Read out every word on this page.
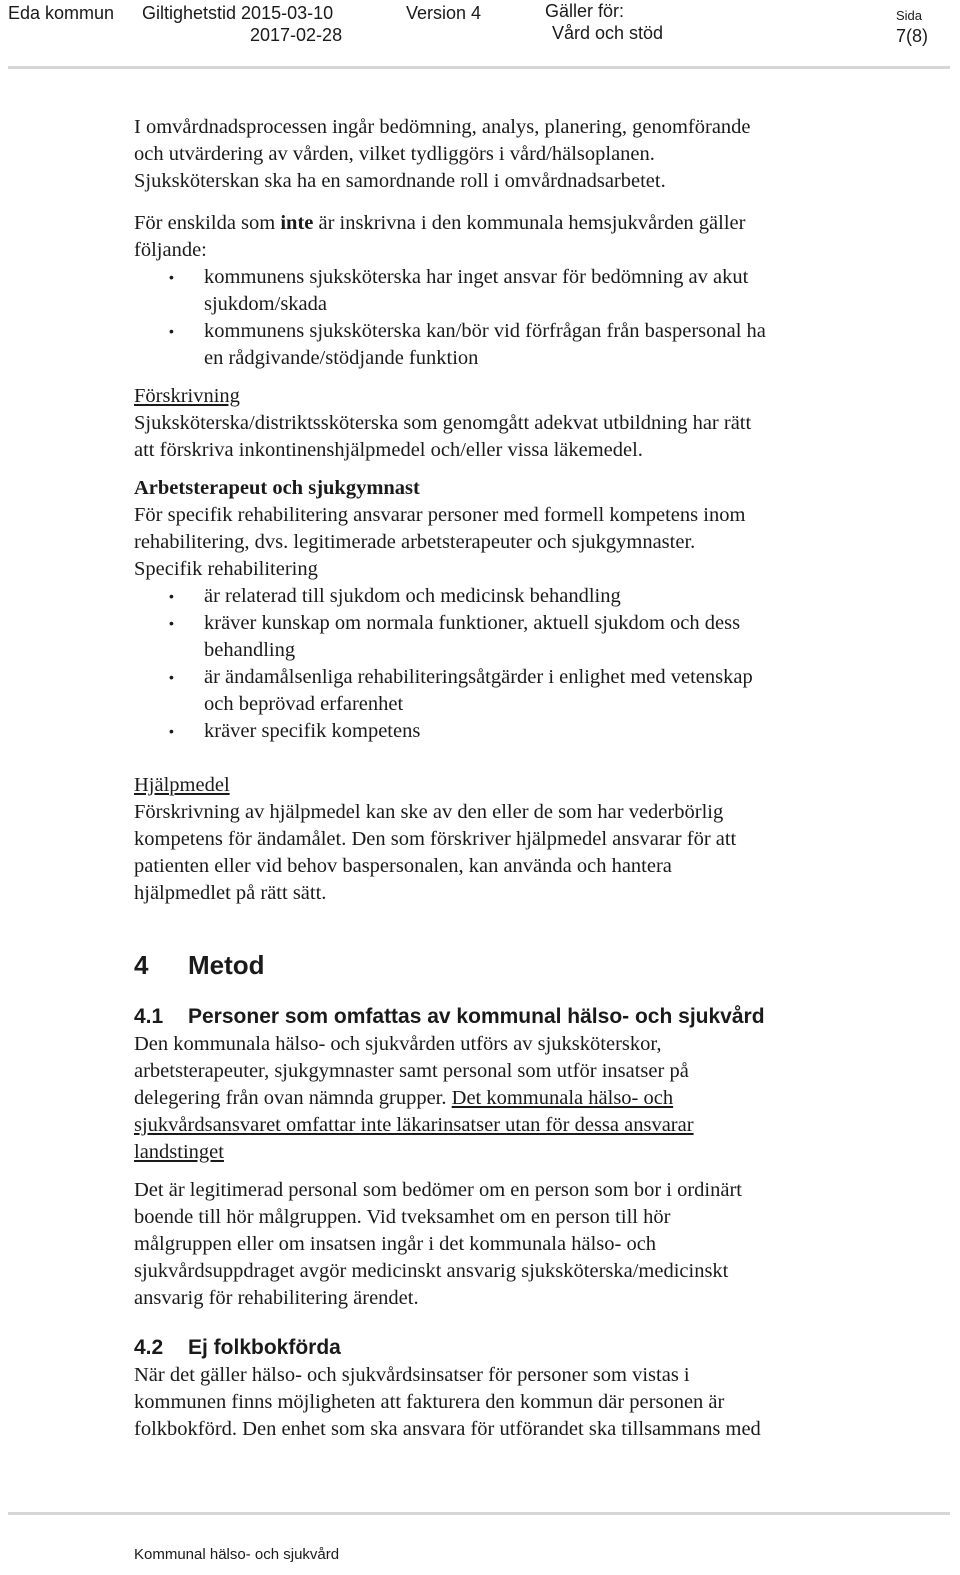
Eda kommun Giltighetstid 2015-03-10
2017-02-28
Version 4	Gäller för:
Vård och stöd
Sida
7(8)

I omvårdnadsprocessen ingår bedömning, analys, planering, genomförande
och utvärdering av vården, vilket tydliggörs i vård/hälsoplanen.
Sjuksköterskan ska ha en samordnande roll i omvårdnadsarbetet.

För enskilda som inte är inskrivna i den kommunala hemsjukvården gäller
följande:

• kommunens sjuksköterska har inget ansvar för bedömning av akut
sjukdom/skada
• kommunens sjuksköterska kan/bör vid förfrågan från baspersonal ha
en rådgivande/stödjande funktion

Förskrivning
Sjuksköterska/distriktssköterska som genomgått adekvat utbildning har rätt
att förskriva inkontinenshjälpmedel och/eller vissa läkemedel.

Arbetsterapeut och sjukgymnast
För specifik rehabilitering ansvarar personer med formell kompetens inom
rehabilitering, dvs. legitimerade arbetsterapeuter och sjukgymnaster.
Specifik rehabilitering

• är relaterad till sjukdom och medicinsk behandling
• kräver kunskap om normala funktioner, aktuell sjukdom och dess
behandling
• är ändamålsenliga rehabiliteringsåtgärder i enlighet med vetenskap
och beprövad erfarenhet
• kräver specifik kompetens

Hjälpmedel
Förskrivning av hjälpmedel kan ske av den eller de som har vederbörlig
kompetens för ändamålet. Den som förskriver hjälpmedel ansvarar för att
patienten eller vid behov baspersonalen, kan använda och hantera
hjälpmedlet på rätt sätt.

4 Metod
4.1 Personer som omfattas av kommunal hälso- och sjukvård

Den kommunala hälso- och sjukvården utförs av sjuksköterskor,
arbetsterapeuter, sjukgymnaster samt personal som utför insatser på
delegering från ovan nämnda grupper. Det kommunala hälso- och
sjukvårdsansvaret omfattar inte läkarinsatser utan för dessa ansvarar
landstinget

Det är legitimerad personal som bedömer om en person som bor i ordinärt
boende till hör målgruppen. Vid tveksamhet om en person till hör
målgruppen eller om insatsen ingår i det kommunala hälso- och
sjukvårdsuppdraget avgör medicinskt ansvarig sjuksköterska/medicinskt
ansvarig för rehabilitering ärendet.

4.2 Ej folkbokförda

När det gäller hälso- och sjukvårdsinsatser för personer som vistas i
kommunen finns möjligheten att fakturera den kommun där personen är
folkbokförd. Den enhet som ska ansvara för utförandet ska tillsammans med

Kommunal hälso- och sjukvård
